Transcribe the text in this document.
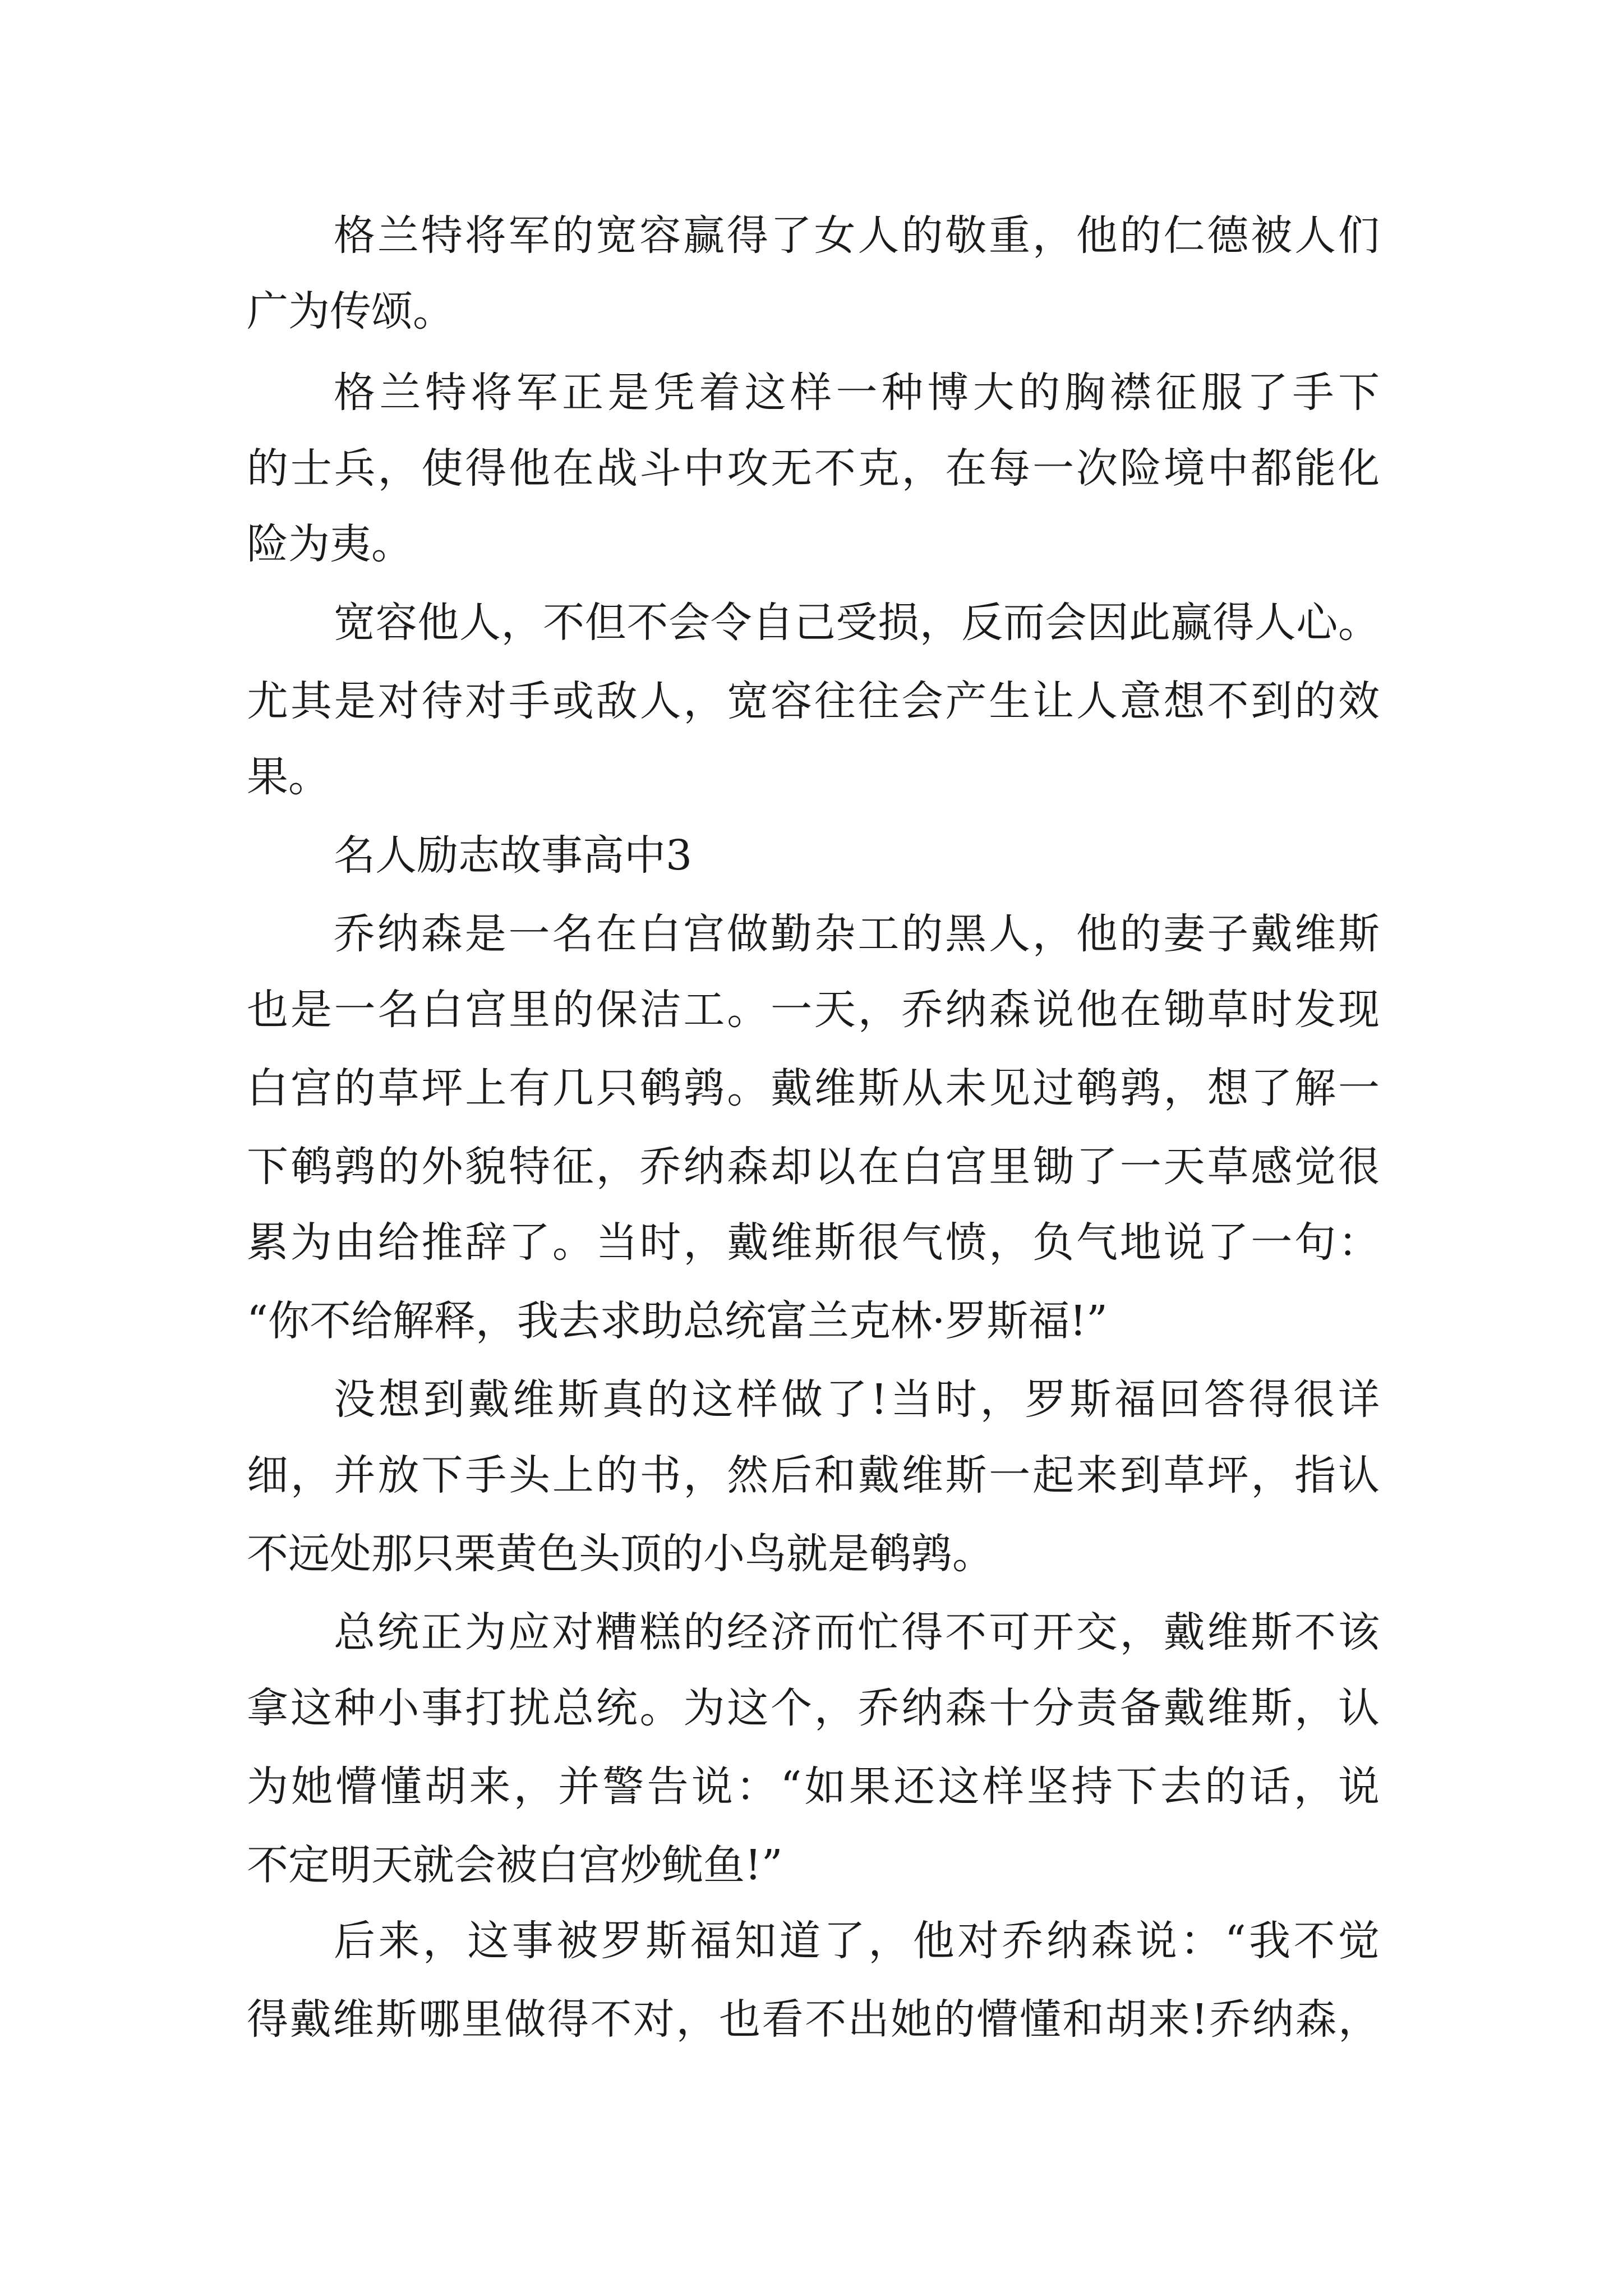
格兰特将军的宽容赢得了女人的敬重，他的仁德被人们
广为传颂。
格兰特将军正是凭着这样一种博大的胸襟征服了手下
的士兵，使得他在战斗中攻无不克，在每一次险境中都能化
险为夷。
宽容他人，不但不会令自己受损，反而会因此赢得人心。
尤其是对待对手或敌人，宽容往往会产生让人意想不到的效
果。
名人励志故事高中3
乔纳森是一名在白宫做勤杂工的黑人，他的妻子戴维斯
也是一名白宫里的保洁工。一天，乔纳森说他在锄草时发现
白宫的草坪上有几只鹌鹑。戴维斯从未见过鹌鹑，想了解一
下鹌鹑的外貌特征，乔纳森却以在白宫里锄了一天草感觉很
累为由给推辞了。当时，戴维斯很气愤，负气地说了一句：
“你不给解释，我去求助总统富兰克林·罗斯福!”
没想到戴维斯真的这样做了!当时，罗斯福回答得很详
细，并放下手头上的书，然后和戴维斯一起来到草坪，指认
不远处那只栗黄色头顶的小鸟就是鹌鹑。
总统正为应对糟糕的经济而忙得不可开交，戴维斯不该
拿这种小事打扰总统。为这个，乔纳森十分责备戴维斯，认
为她懵懂胡来，并警告说：“如果还这样坚持下去的话，说
不定明天就会被白宫炒鱿鱼!”
后来，这事被罗斯福知道了，他对乔纳森说：“我不觉
得戴维斯哪里做得不对，也看不出她的懵懂和胡来!乔纳森，
